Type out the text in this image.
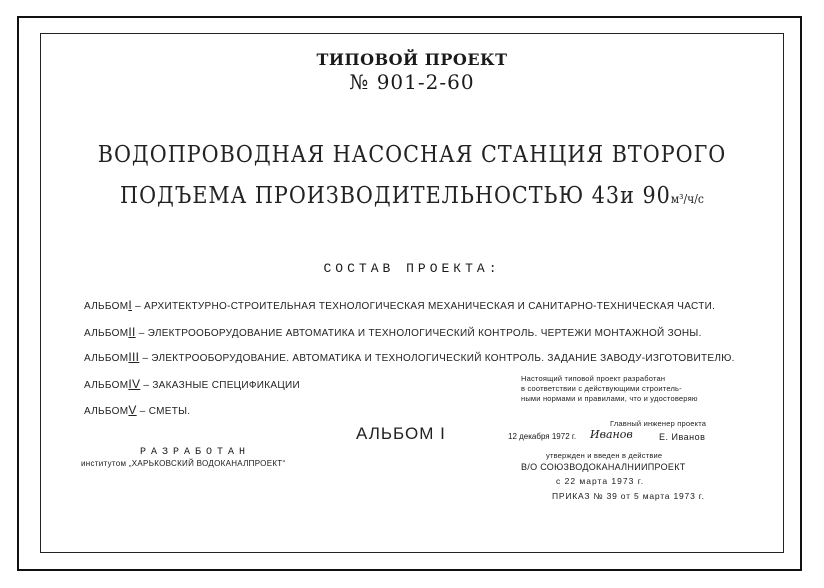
ТИПОВОЙ ПРОЕКТ
№ 901-2-60
ВОДОПРОВОДНАЯ НАСОСНАЯ СТАНЦИЯ ВТОРОГО
ПОДЪЕМА ПРОИЗВОДИТЕЛЬНОСТЬЮ 43и 90м³/ч/с
СОСТАВ ПРОЕКТА:
АЛЬБОМI – АРХИТЕКТУРНО-СТРОИТЕЛЬНАЯ ТЕХНОЛОГИЧЕСКАЯ МЕХАНИЧЕСКАЯ И САНИТАРНО-ТЕХНИЧЕСКАЯ ЧАСТИ.
АЛЬБОМII – ЭЛЕКТРООБОРУДОВАНИЕ АВТОМАТИКА И ТЕХНОЛОГИЧЕСКИЙ КОНТРОЛЬ. ЧЕРТЕЖИ МОНТАЖНОЙ ЗОНЫ.
АЛЬБОМIII – ЭЛЕКТРООБОРУДОВАНИЕ. АВТОМАТИКА И ТЕХНОЛОГИЧЕСКИЙ КОНТРОЛЬ. ЗАДАНИЕ ЗАВОДУ-ИЗГОТОВИТЕЛЮ.
АЛЬБОМIV – ЗАКАЗНЫЕ СПЕЦИФИКАЦИИ
АЛЬБОМV – СМЕТЫ.
Настоящий типовой проект разработан
в соответствии с действующими строитель-
ными нормами и правилами, что и удостоверяю
Главный инженер проекта
12 декабря 1972 г. Иванов	Е. Иванов
утвержден и введен в действие
В/О СОЮЗВОДОКАНАЛНИИПРОЕКТ
с 22 марта 1973 г.
ПРИКАЗ № 39 от 5 марта 1973 г.
АЛЬБОМ I
РАЗРАБОТАН
институтом „ХАРЬКОВСКИЙ ВОДОКАНАЛПРОЕКТ“
